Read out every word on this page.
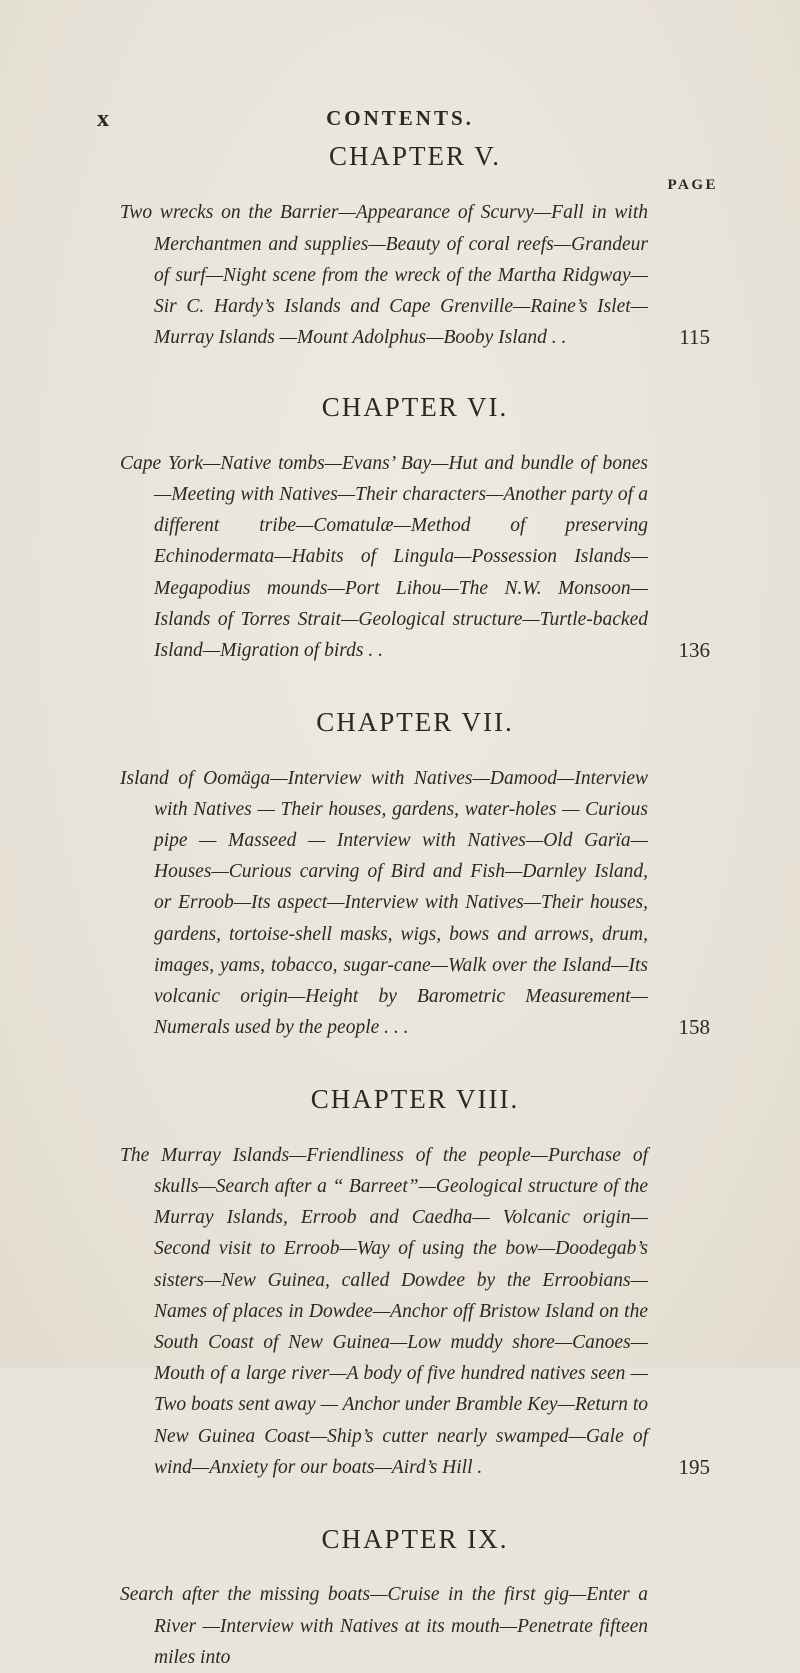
x	CONTENTS.
CHAPTER V.
PAGE

Two wrecks on the Barrier—Appearance of Scurvy—Fall in with Merchantmen and supplies—Beauty of coral reefs—Grandeur of surf—Night scene from the wreck of the Martha Ridgway—Sir C. Hardy’s Islands and Cape Grenville—Raine’s Islet—Murray Islands —Mount Adolphus—Booby Island . .	115

CHAPTER VI.

Cape York—Native tombs—Evans’ Bay—Hut and bundle of bones—Meeting with Natives—Their characters—Another party of a different tribe—Comatulæ—Method of preserving Echinodermata—Habits of Lingula—Possession Islands—Megapodius mounds—Port Lihou—The N.W. Monsoon—Islands of Torres Strait—Geological structure—Turtle-backed Island—Migration of birds . .	136

CHAPTER VII.

Island of Oomäga—Interview with Natives—Damood—Interview with Natives — Their houses, gardens, water-holes — Curious pipe — Masseed — Interview with Natives—Old Garïa—Houses—Curious carving of Bird and Fish—Darnley Island, or Erroob—Its aspect—Interview with Natives—Their houses, gardens, tortoise-shell masks, wigs, bows and arrows, drum, images, yams, tobacco, sugar-cane—Walk over the Island—Its volcanic origin—Height by Barometric Measurement—Numerals used by the people . . .	158

CHAPTER VIII.

The Murray Islands—Friendliness of the people—Purchase of skulls—Search after a “ Barreet”—Geological structure of the Murray Islands, Erroob and Caedha— Volcanic origin—Second visit to Erroob—Way of using the bow—Doodegab’s sisters—New Guinea, called Dowdee by the Erroobians—Names of places in Dowdee—Anchor off Bristow Island on the South Coast of New Guinea—Low muddy shore—Canoes—Mouth of a large river—A body of five hundred natives seen — Two boats sent away — Anchor under Bramble Key—Return to New Guinea Coast—Ship’s cutter nearly swamped—Gale of wind—Anxiety for our boats—Aird’s Hill .	195

CHAPTER IX.

Search after the missing boats—Cruise in the first gig—Enter a River —Interview with Natives at its mouth—Penetrate fifteen miles into
